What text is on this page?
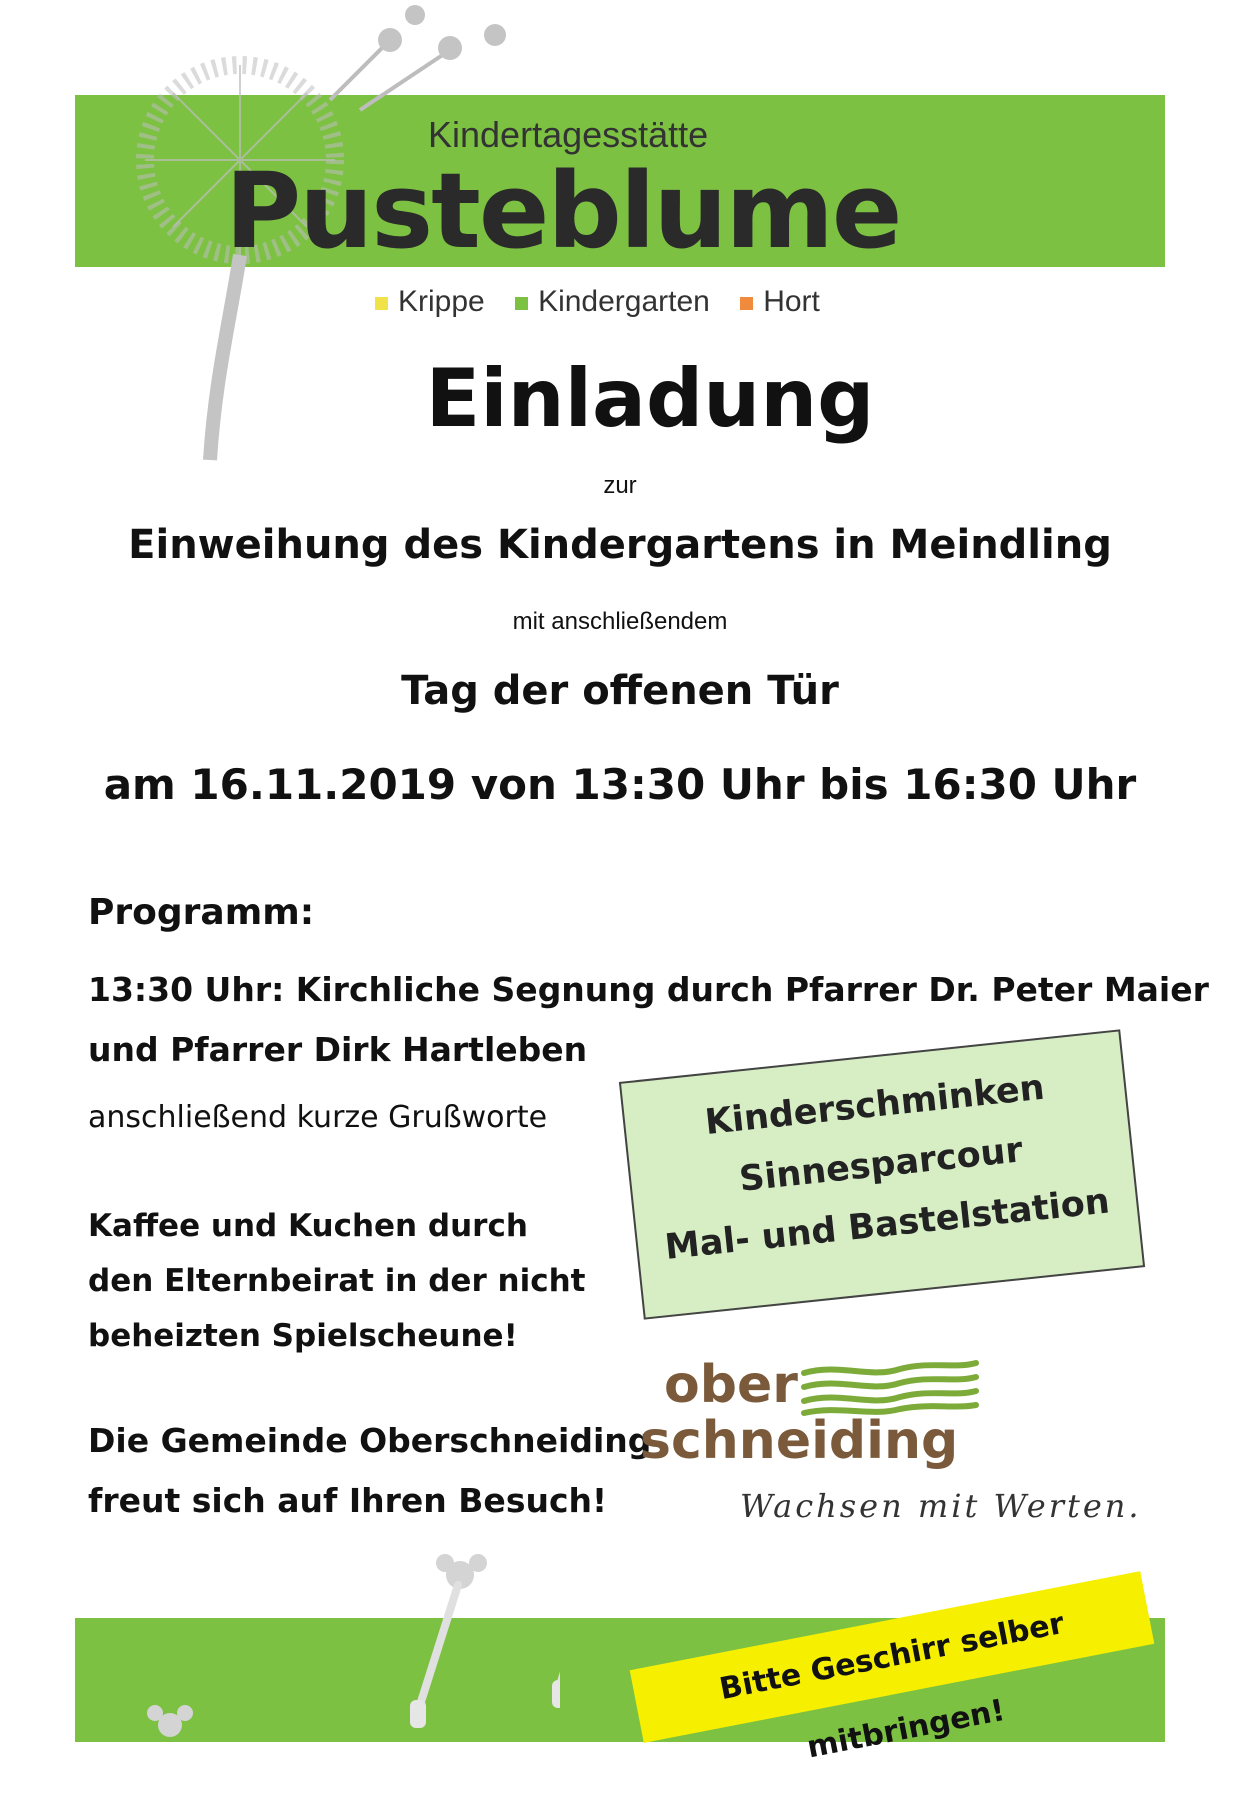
Kindertagesstätte
Pusteblume
Krippe Kindergarten Hort
Einladung
zur
Einweihung des Kindergartens in Meindling
mit anschließendem
Tag der offenen Tür
am 16.11.2019 von 13:30 Uhr bis 16:30 Uhr
Programm:
13:30 Uhr: Kirchliche Segnung durch Pfarrer Dr. Peter Maier
und Pfarrer Dirk Hartleben
anschließend kurze Grußworte
Kaffee und Kuchen durch
den Elternbeirat in der nicht
beheizten Spielscheune!
Die Gemeinde Oberschneiding
freut sich auf Ihren Besuch!
Kinderschminken
Sinnesparcour
Mal- und Bastelstation
ober
schneiding
Wachsen mit Werten.
Bitte Geschirr selber mitbringen!
